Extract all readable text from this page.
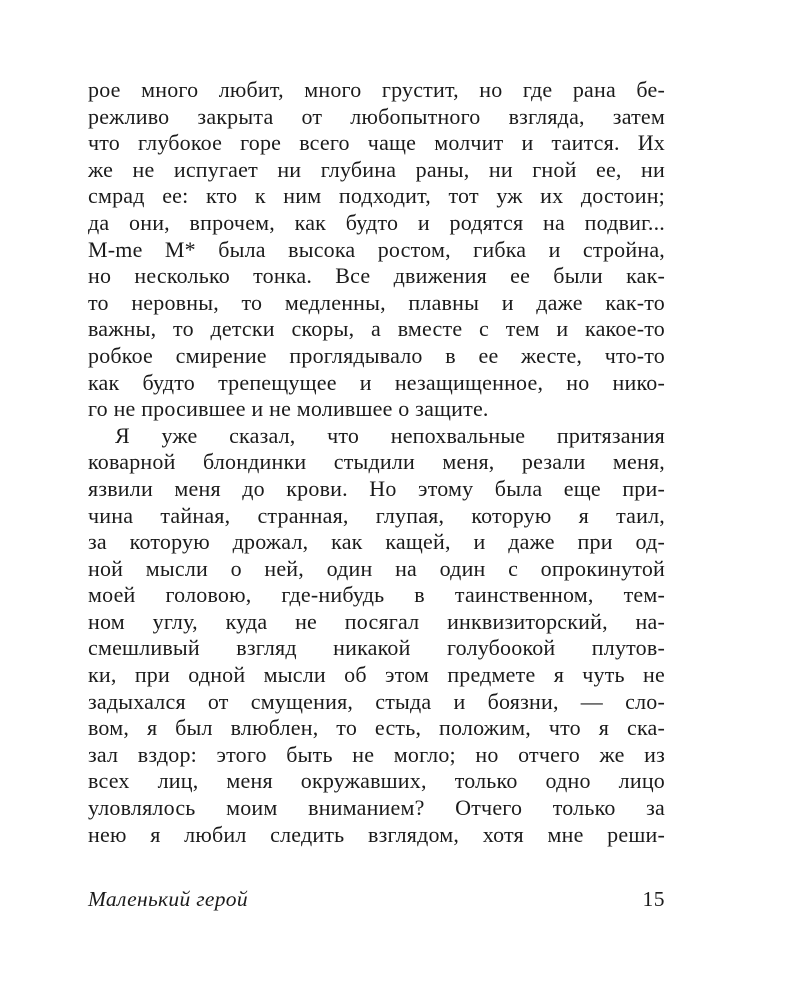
рое много любит, много грустит, но где рана бе-
режливо закрыта от любопытного взгляда, затем
что глубокое горе всего чаще молчит и таится. Их
же не испугает ни глубина раны, ни гной ее, ни
смрад ее: кто к ним подходит, тот уж их достоин;
да они, впрочем, как будто и родятся на подвиг...
M-me M* была высока ростом, гибка и стройна,
но несколько тонка. Все движения ее были как-
то неровны, то медленны, плавны и даже как-то
важны, то детски скоры, а вместе с тем и какое-то
робкое смирение проглядывало в ее жесте, что-то
как будто трепещущее и незащищенное, но нико-
го не просившее и не молившее о защите.
Я уже сказал, что непохвальные притязания
коварной блондинки стыдили меня, резали меня,
язвили меня до крови. Но этому была еще при-
чина тайная, странная, глупая, которую я таил,
за которую дрожал, как кащей, и даже при од-
ной мысли о ней, один на один с опрокинутой
моей головою, где-нибудь в таинственном, тем-
ном углу, куда не посягал инквизиторский, на-
смешливый взгляд никакой голубоокой плутов-
ки, при одной мысли об этом предмете я чуть не
задыхался от смущения, стыда и боязни, — сло-
вом, я был влюблен, то есть, положим, что я ска-
зал вздор: этого быть не могло; но отчего же из
всех лиц, меня окружавших, только одно лицо
уловлялось моим вниманием? Отчего только за
нею я любил следить взглядом, хотя мне реши-
Маленький герой	15
